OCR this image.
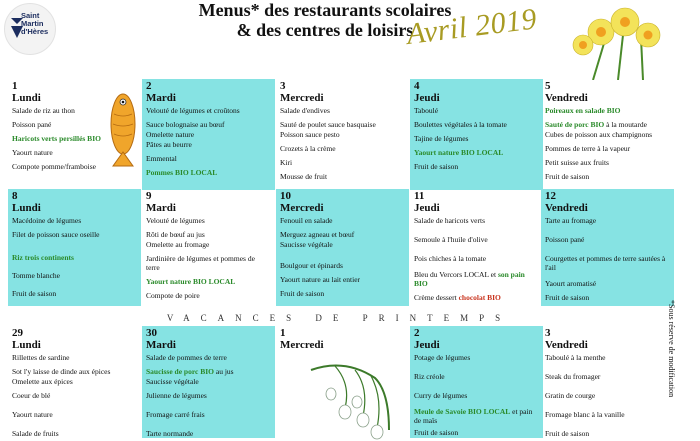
Saint
Martin
d'Hères
Menus* des restaurants scolaires
& des centres de loisirs
Avril 2019
1
Lundi
Salade de riz au thon
Poisson pané
Haricots verts persillés BIO
Yaourt nature
Compote pomme/framboise
2
Mardi
Velouté de légumes et croûtons
Sauce bolognaise au bœuf
Omelette nature
Pâtes au beurre
Emmental
Pommes BIO LOCAL
3
Mercredi
Salade d'endives
Sauté de poulet sauce basquaise
Poisson sauce pesto
Crozets à la crème
Kiri
Mousse de fruit
4
Jeudi
Taboulé
Boulettes végétales à la tomate
Tajine de légumes
Yaourt nature BIO LOCAL
Fruit de saison
5
Vendredi
Poireaux en salade BIO
Sauté de porc BIO à la moutarde
Cubes de poisson aux champignons
Pommes de terre à la vapeur
Petit suisse aux fruits
Fruit de saison
8
Lundi
Macédoine de légumes
Filet de poisson sauce oseille
Riz trois continents
Tomme blanche
Fruit de saison
9
Mardi
Velouté de légumes
Rôti de bœuf au jus
Omelette au fromage
Jardinière de légumes et pommes de terre
Yaourt nature BIO LOCAL
Compote de poire
10
Mercredi
Fenouil en salade
Merguez agneau et bœuf
Saucisse végétale
Boulgour et épinards
Yaourt nature au lait entier
Fruit de saison
11
Jeudi
Salade de haricots verts
Semoule à l'huile d'olive
Pois chiches à la tomate
Bleu du Vercors LOCAL et son pain BIO
Crème dessert chocolat BIO
12
Vendredi
Tarte au fromage
Poisson pané
Courgettes et pommes de terre sautées à l'ail
Yaourt aromatisé
Fruit de saison
VACANCES DE PRINTEMPS
29
Lundi
Rillettes de sardine
Sot l'y laisse de dinde aux épices
Omelette aux épices
Coeur de blé
Yaourt nature
Salade de fruits
30
Mardi
Salade de pommes de terre
Saucisse de porc BIO au jus
Saucisse végétale
Julienne de légumes
Fromage carré frais
Tarte normande
1
Mercredi
2
Jeudi
Potage de légumes
Riz créole
Curry de légumes
Meule de Savoie BIO LOCAL et pain de maïs
Fruit de saison
3
Vendredi
Taboulé à la menthe
Steak du fromager
Gratin de courge
Fromage blanc à la vanille
Fruit de saison
*Sous réserve de modification
